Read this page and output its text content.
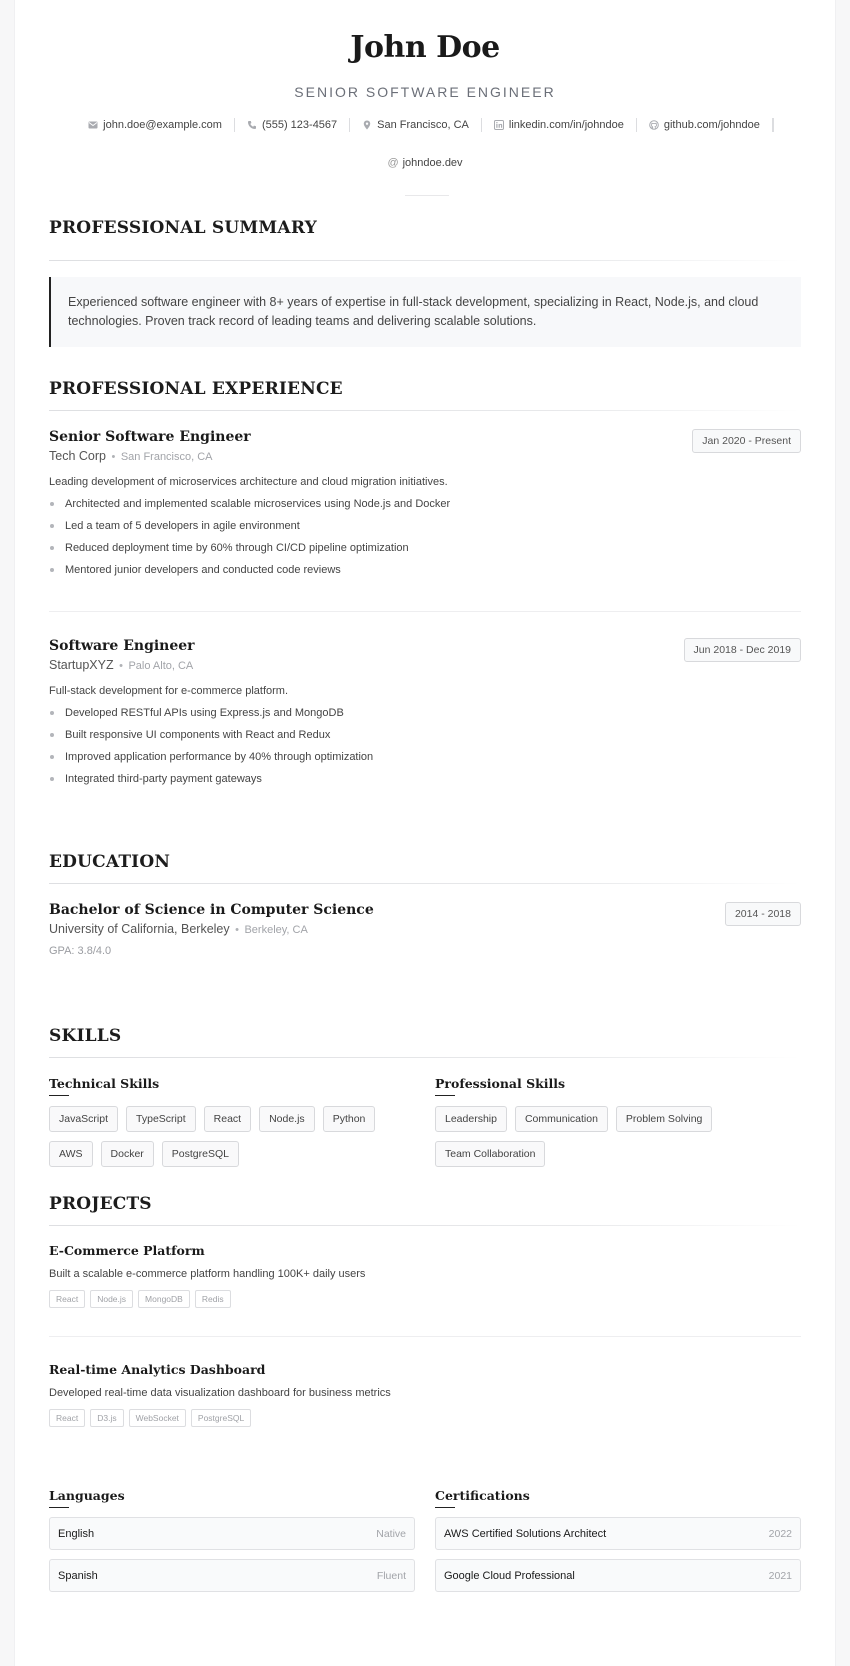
John Doe
SENIOR SOFTWARE ENGINEER
john.doe@example.com	(555) 123-4567	San Francisco, CA	linkedin.com/in/johndoe	github.com/johndoe
@ johndoe.dev
PROFESSIONAL SUMMARY
Experienced software engineer with 8+ years of expertise in full-stack development, specializing in React, Node.js, and cloud technologies. Proven track record of leading teams and delivering scalable solutions.
PROFESSIONAL EXPERIENCE
Senior Software Engineer
Tech Corp • San Francisco, CA
Jan 2020 - Present
Leading development of microservices architecture and cloud migration initiatives.
Architected and implemented scalable microservices using Node.js and Docker
Led a team of 5 developers in agile environment
Reduced deployment time by 60% through CI/CD pipeline optimization
Mentored junior developers and conducted code reviews
Software Engineer
StartupXYZ • Palo Alto, CA
Jun 2018 - Dec 2019
Full-stack development for e-commerce platform.
Developed RESTful APIs using Express.js and MongoDB
Built responsive UI components with React and Redux
Improved application performance by 40% through optimization
Integrated third-party payment gateways
EDUCATION
Bachelor of Science in Computer Science
University of California, Berkeley • Berkeley, CA
2014 - 2018
GPA: 3.8/4.0
SKILLS
Technical Skills
JavaScript	TypeScript	React	Node.js	Python
AWS	Docker	PostgreSQL
Professional Skills
Leadership	Communication	Problem Solving
Team Collaboration
PROJECTS
E-Commerce Platform
Built a scalable e-commerce platform handling 100K+ daily users
React	Node.js	MongoDB	Redis
Real-time Analytics Dashboard
Developed real-time data visualization dashboard for business metrics
React	D3.js	WebSocket	PostgreSQL
Languages
English	Native
Spanish	Fluent
Certifications
AWS Certified Solutions Architect	2022
Google Cloud Professional	2021
